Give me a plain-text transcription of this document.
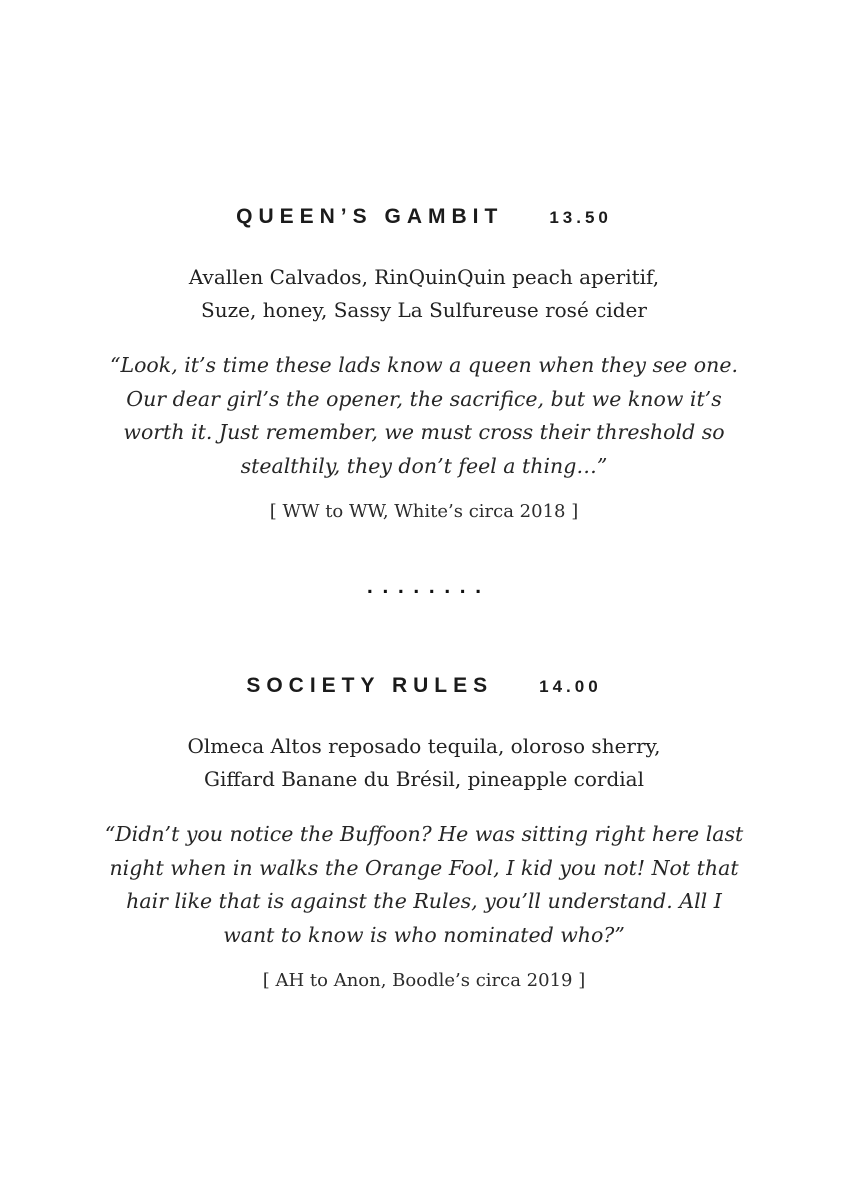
QUEEN’S GAMBIT	13.50
Avallen Calvados, RinQuinQuin peach aperitif,
Suze, honey, Sassy La Sulfureuse rosé cider
“Look, it’s time these lads know a queen when they see one. Our dear girl’s the opener, the sacrifice, but we know it’s worth it. Just remember, we must cross their threshold so stealthily, they don’t feel a thing…”
[ WW to WW, White’s circa 2018 ]
........
SOCIETY RULES	14.00
Olmeca Altos reposado tequila, oloroso sherry,
Giffard Banane du Brésil, pineapple cordial
“Didn’t you notice the Buffoon? He was sitting right here last night when in walks the Orange Fool, I kid you not! Not that hair like that is against the Rules, you’ll understand. All I want to know is who nominated who?”
[ AH to Anon, Boodle’s circa 2019 ]
